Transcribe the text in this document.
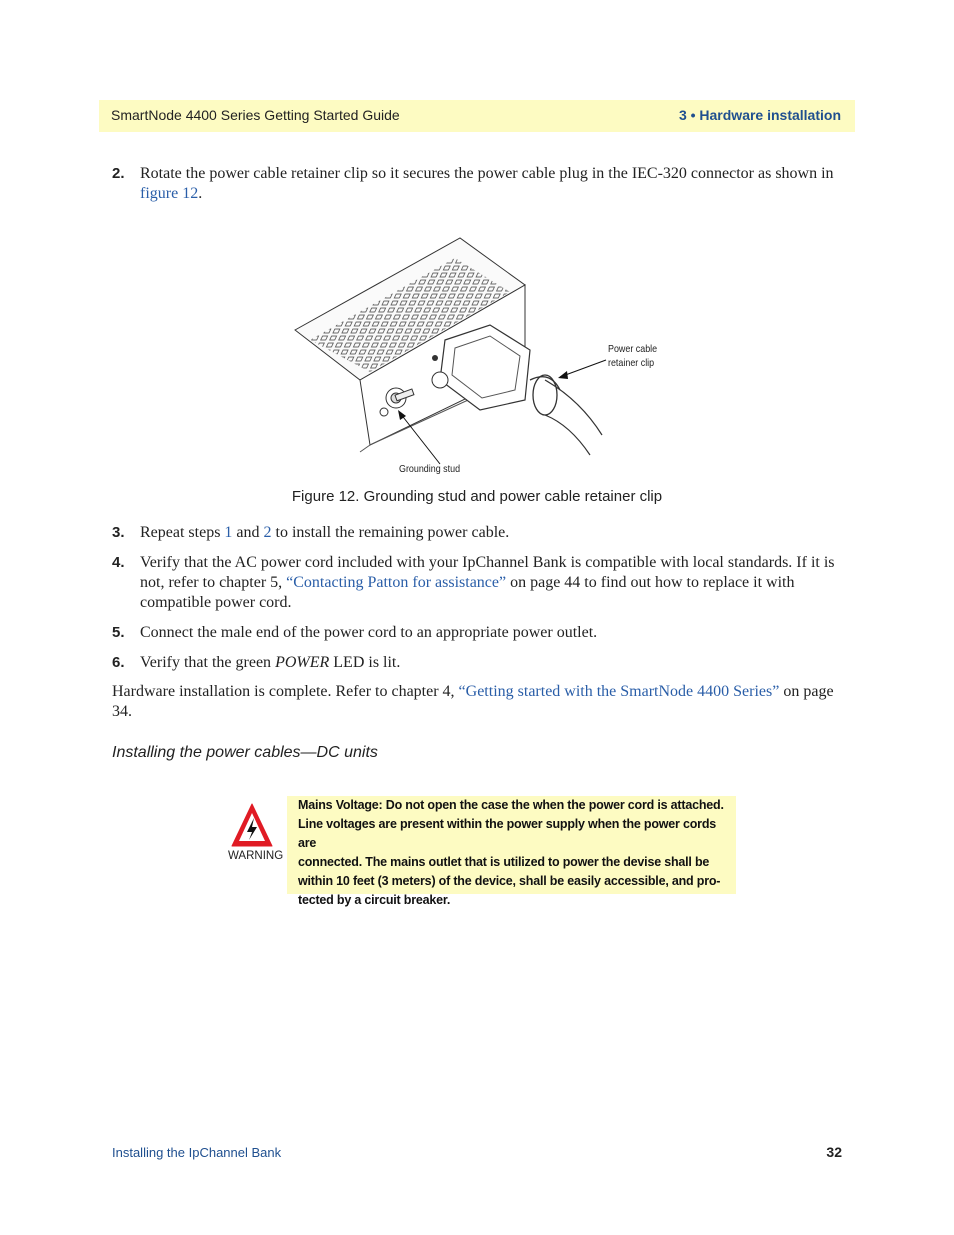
SmartNode 4400 Series Getting Started Guide	3 • Hardware installation
2. Rotate the power cable retainer clip so it secures the power cable plug in the IEC-320 connector as shown in figure 12.
Power cable
retainer clip
Grounding stud
Figure 12. Grounding stud and power cable retainer clip
3. Repeat steps 1 and 2 to install the remaining power cable.
4. Verify that the AC power cord included with your IpChannel Bank is compatible with local standards. If it is not, refer to chapter 5, “Contacting Patton for assistance” on page 44 to find out how to replace it with compatible power cord.
5. Connect the male end of the power cord to an appropriate power outlet.
6. Verify that the green POWER LED is lit.
Hardware installation is complete. Refer to chapter 4, “Getting started with the SmartNode 4400 Series” on page 34.
Installing the power cables—DC units
WARNING
Mains Voltage: Do not open the case the when the power cord is attached.
Line voltages are present within the power supply when the power cords are
connected. The mains outlet that is utilized to power the devise shall be
within 10 feet (3 meters) of the device, shall be easily accessible, and pro-
tected by a circuit breaker.
Installing the IpChannel Bank	32
